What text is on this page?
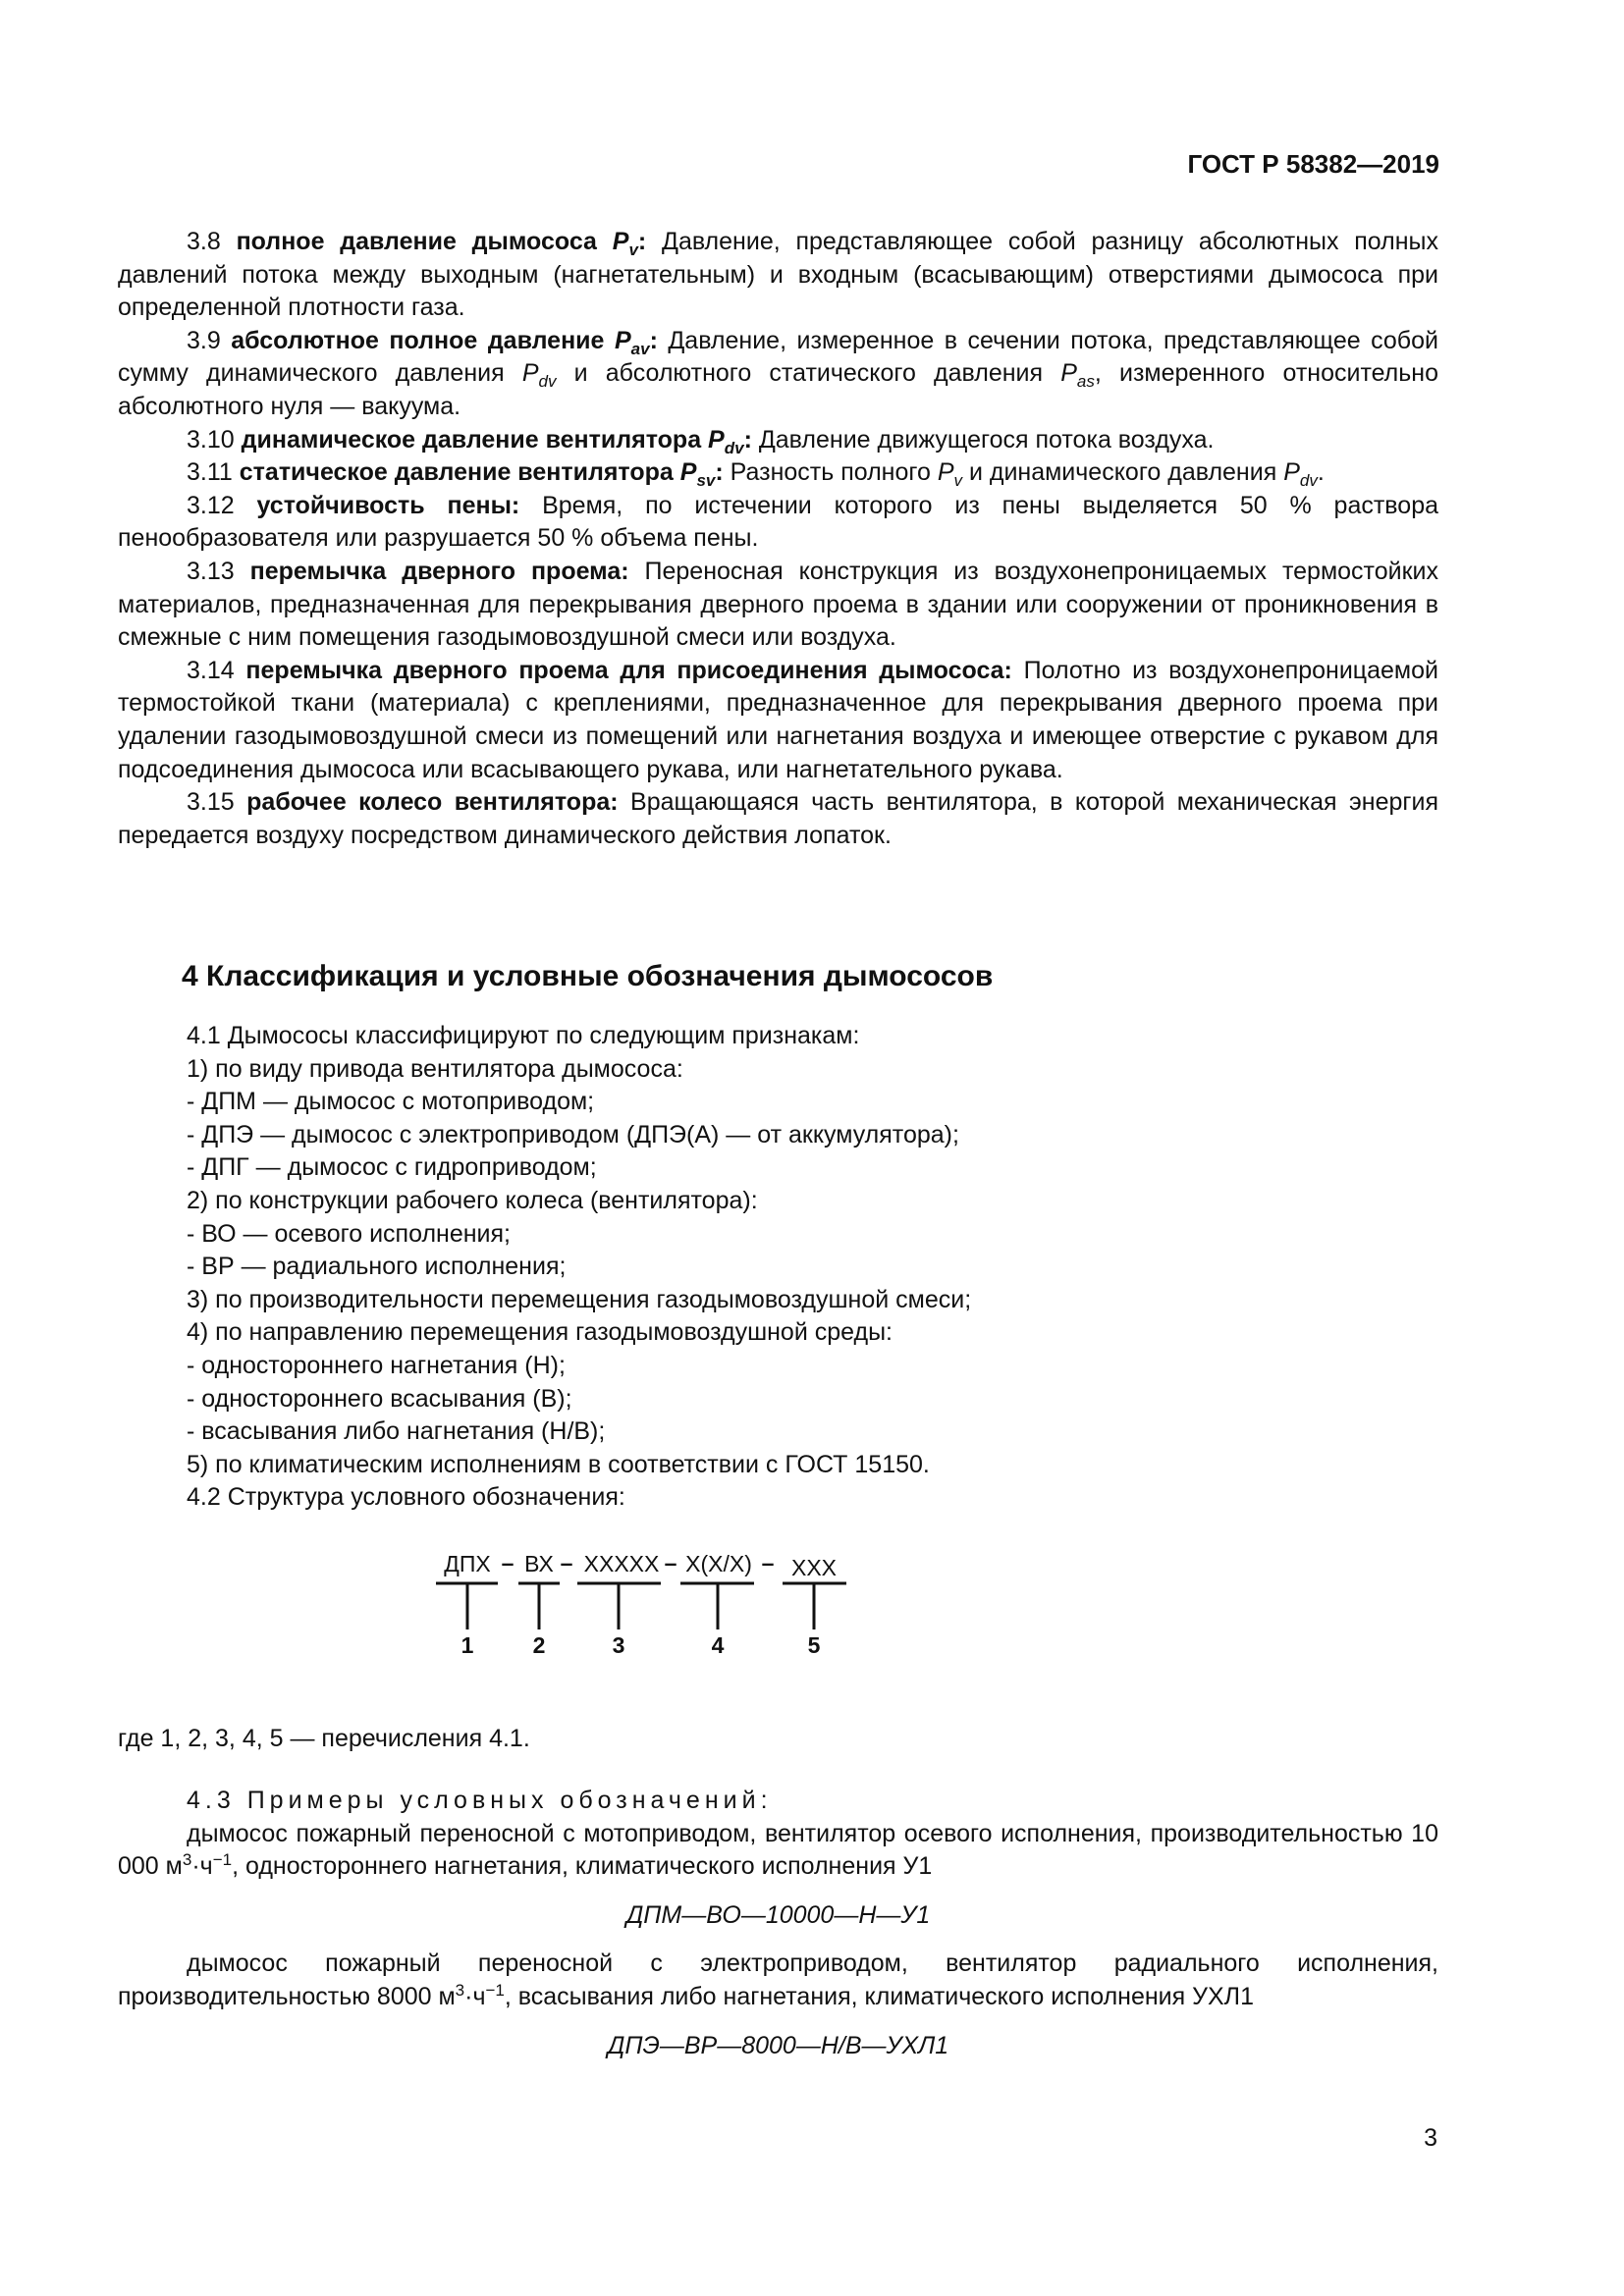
ГОСТ Р 58382—2019

3.8 полное давление дымососа $P_v$: Давление, представляющее собой разницу абсолютных полных давлений потока между выходным (нагнетательным) и входным (всасывающим) отверстиями дымососа при определенной плотности газа.

3.9 абсолютное полное давление $P_{av}$: Давление, измеренное в сечении потока, представляющее собой сумму динамического давления $P_{dv}$ и абсолютного статического давления $P_{as}$, измеренного относительно абсолютного нуля — вакуума.

3.10 динамическое давление вентилятора $P_{dv}$: Давление движущегося потока воздуха.

3.11 статическое давление вентилятора $P_{sv}$: Разность полного $P_v$ и динамического давления $P_{dv}$.

3.12 устойчивость пены: Время, по истечении которого из пены выделяется 50 % раствора пенообразователя или разрушается 50 % объема пены.

3.13 перемычка дверного проема: Переносная конструкция из воздухонепроницаемых термостойких материалов, предназначенная для перекрывания дверного проема в здании или сооружении от проникновения в смежные с ним помещения газодымовоздушной смеси или воздуха.

3.14 перемычка дверного проема для присоединения дымососа: Полотно из воздухонепроницаемой термостойкой ткани (материала) с креплениями, предназначенное для перекрывания дверного проема при удалении газодымовоздушной смеси из помещений или нагнетания воздуха и имеющее отверстие с рукавом для подсоединения дымососа или всасывающего рукава, или нагнетательного рукава.

3.15 рабочее колесо вентилятора: Вращающаяся часть вентилятора, в которой механическая энергия передается воздуху посредством динамического действия лопаток.

4 Классификация и условные обозначения дымососов

4.1 Дымососы классифицируют по следующим признакам:

1) по виду привода вентилятора дымососа:

- ДПМ — дымосос с мотоприводом;

- ДПЭ — дымосос с электроприводом (ДПЭ(А) — от аккумулятора);

- ДПГ — дымосос с гидроприводом;

2) по конструкции рабочего колеса (вентилятора):

- ВО — осевого исполнения;

- ВР — радиального исполнения;

3) по производительности перемещения газодымовоздушной смеси;

4) по направлению перемещения газодымовоздушной среды:

- одностороннего нагнетания (Н);

- одностороннего всасывания (В);

- всасывания либо нагнетания (Н/В);

5) по климатическим исполнениям в соответствии с ГОСТ 15150.

4.2 Структура условного обозначения:

ДПХ ВХ XXXXX X(X/X) XXX
– –	–	–
1	2	3	4	5

где 1, 2, 3, 4, 5 — перечисления 4.1.

4.3 Примеры условных обозначений:

дымосос пожарный переносной с мотоприводом, вентилятор осевого исполнения, производительностью 10 000 $м^3\cdot ч^{-1}$, одностороннего нагнетания, климатического исполнения У1

ДПМ—ВО—10000—Н—У1

дымосос пожарный переносной с электроприводом, вентилятор радиального исполнения, производительностью 8000 $м^3\cdot ч^{-1}$, всасывания либо нагнетания, климатического исполнения УХЛ1

ДПЭ—ВР—8000—Н/В—УХЛ1

3
